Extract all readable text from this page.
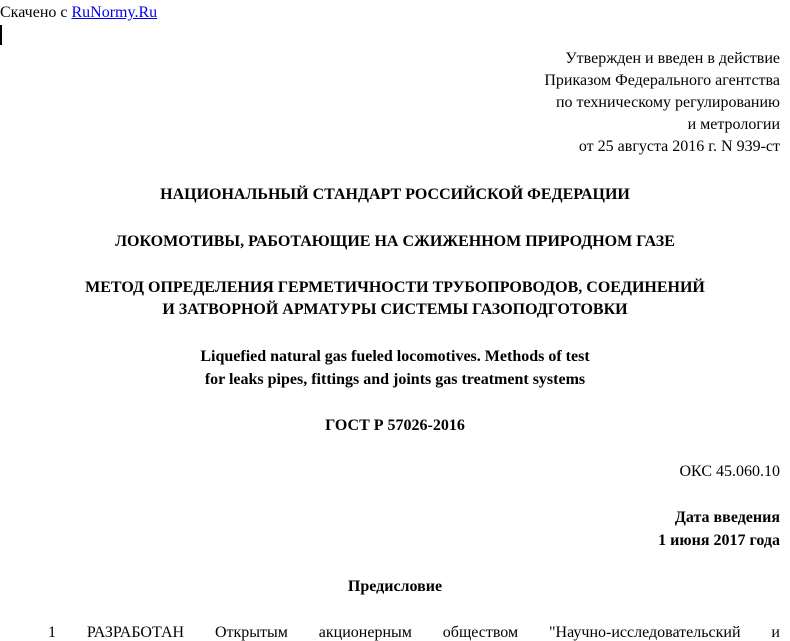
Скачено с RuNormy.Ru
Утвержден и введен в действие
Приказом Федерального агентства
по техническому регулированию
и метрологии
от 25 августа 2016 г. N 939-ст
НАЦИОНАЛЬНЫЙ СТАНДАРТ РОССИЙСКОЙ ФЕДЕРАЦИИ
ЛОКОМОТИВЫ, РАБОТАЮЩИЕ НА СЖИЖЕННОМ ПРИРОДНОМ ГАЗЕ
МЕТОД ОПРЕДЕЛЕНИЯ ГЕРМЕТИЧНОСТИ ТРУБОПРОВОДОВ, СОЕДИНЕНИЙ
И ЗАТВОРНОЙ АРМАТУРЫ СИСТЕМЫ ГАЗОПОДГОТОВКИ
Liquefied natural gas fueled locomotives. Methods of test
for leaks pipes, fittings and joints gas treatment systems
ГОСТ Р 57026-2016
ОКС 45.060.10
Дата введения
1 июня 2017 года
Предисловие
1 РАЗРАБОТАН Открытым акционерным обществом "Научно-исследовательский и
